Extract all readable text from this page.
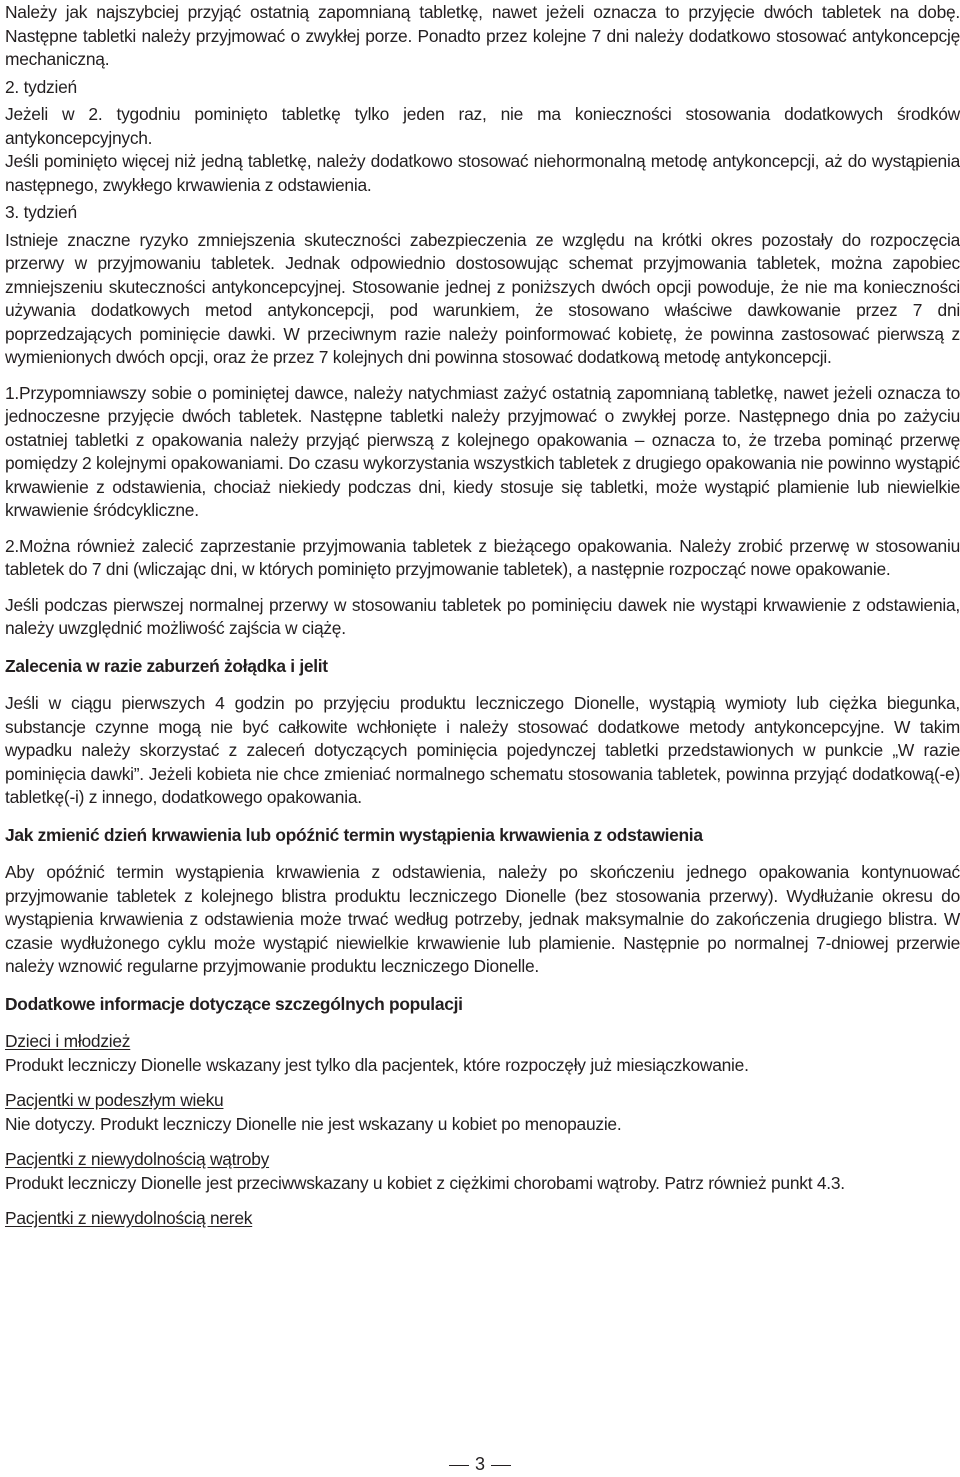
Należy jak najszybciej przyjąć ostatnią zapomnianą tabletkę, nawet jeżeli oznacza to przyjęcie dwóch tabletek na dobę. Następne tabletki należy przyjmować o zwykłej porze. Ponadto przez kolejne 7 dni należy dodatkowo stosować antykoncepcję mechaniczną.

2. tydzień

Jeżeli w 2. tygodniu pominięto tabletkę tylko jeden raz, nie ma konieczności stosowania dodatkowych środków antykoncepcyjnych.

Jeśli pominięto więcej niż jedną tabletkę, należy dodatkowo stosować niehormonalną metodę antykoncepcji, aż do wystąpienia następnego, zwykłego krwawienia z odstawienia.

3. tydzień

Istnieje znaczne ryzyko zmniejszenia skuteczności zabezpieczenia ze względu na krótki okres pozostały do rozpoczęcia przerwy w przyjmowaniu tabletek. Jednak odpowiednio dostosowując schemat przyjmowania tabletek, można zapobiec zmniejszeniu skuteczności antykoncepcyjnej. Stosowanie jednej z poniższych dwóch opcji powoduje, że nie ma konieczności używania dodatkowych metod antykoncepcji, pod warunkiem, że stosowano właściwe dawkowanie przez 7 dni poprzedzających pominięcie dawki. W przeciwnym razie należy poinformować kobietę, że powinna zastosować pierwszą z wymienionych dwóch opcji, oraz że przez 7 kolejnych dni powinna stosować dodatkową metodę antykoncepcji.

1.Przypomniawszy sobie o pominiętej dawce, należy natychmiast zażyć ostatnią zapomnianą tabletkę, nawet jeżeli oznacza to jednoczesne przyjęcie dwóch tabletek. Następne tabletki należy przyjmować o zwykłej porze. Następnego dnia po zażyciu ostatniej tabletki z opakowania należy przyjąć pierwszą z kolejnego opakowania – oznacza to, że trzeba pominąć przerwę pomiędzy 2 kolejnymi opakowaniami. Do czasu wykorzystania wszystkich tabletek z drugiego opakowania nie powinno wystąpić krwawienie z odstawienia, chociaż niekiedy podczas dni, kiedy stosuje się tabletki, może wystąpić plamienie lub niewielkie krwawienie śródcykliczne.

2.Można również zalecić zaprzestanie przyjmowania tabletek z bieżącego opakowania. Należy zrobić przerwę w stosowaniu tabletek do 7 dni (wliczając dni, w których pominięto przyjmowanie tabletek), a następnie rozpocząć nowe opakowanie.

Jeśli podczas pierwszej normalnej przerwy w stosowaniu tabletek po pominięciu dawek nie wystąpi krwawienie z odstawienia, należy uwzględnić możliwość zajścia w ciążę.

Zalecenia w razie zaburzeń żołądka i jelit

Jeśli w ciągu pierwszych 4 godzin po przyjęciu produktu leczniczego Dionelle, wystąpią wymioty lub ciężka biegunka, substancje czynne mogą nie być całkowite wchłonięte i należy stosować dodatkowe metody antykoncepcyjne. W takim wypadku należy skorzystać z zaleceń dotyczących pominięcia pojedynczej tabletki przedstawionych w punkcie „W razie pominięcia dawki”. Jeżeli kobieta nie chce zmieniać normalnego schematu stosowania tabletek, powinna przyjąć dodatkową(-e) tabletkę(-i) z innego, dodatkowego opakowania.

Jak zmienić dzień krwawienia lub opóźnić termin wystąpienia krwawienia z odstawienia

Aby opóźnić termin wystąpienia krwawienia z odstawienia, należy po skończeniu jednego opakowania kontynuować przyjmowanie tabletek z kolejnego blistra produktu leczniczego Dionelle (bez stosowania przerwy). Wydłużanie okresu do wystąpienia krwawienia z odstawienia może trwać według potrzeby, jednak maksymalnie do zakończenia drugiego blistra. W czasie wydłużonego cyklu może wystąpić niewielkie krwawienie lub plamienie. Następnie po normalnej 7-dniowej przerwie należy wznowić regularne przyjmowanie produktu leczniczego Dionelle.

Dodatkowe informacje dotyczące szczególnych populacji

Dzieci i młodzież

Produkt leczniczy Dionelle wskazany jest tylko dla pacjentek, które rozpoczęły już miesiączkowanie.

Pacjentki w podeszłym wieku

Nie dotyczy. Produkt leczniczy Dionelle nie jest wskazany u kobiet po menopauzie.

Pacjentki z niewydolnością wątroby

Produkt leczniczy Dionelle jest przeciwwskazany u kobiet z ciężkimi chorobami wątroby. Patrz również punkt 4.3.

Pacjentki z niewydolnością nerek

3
